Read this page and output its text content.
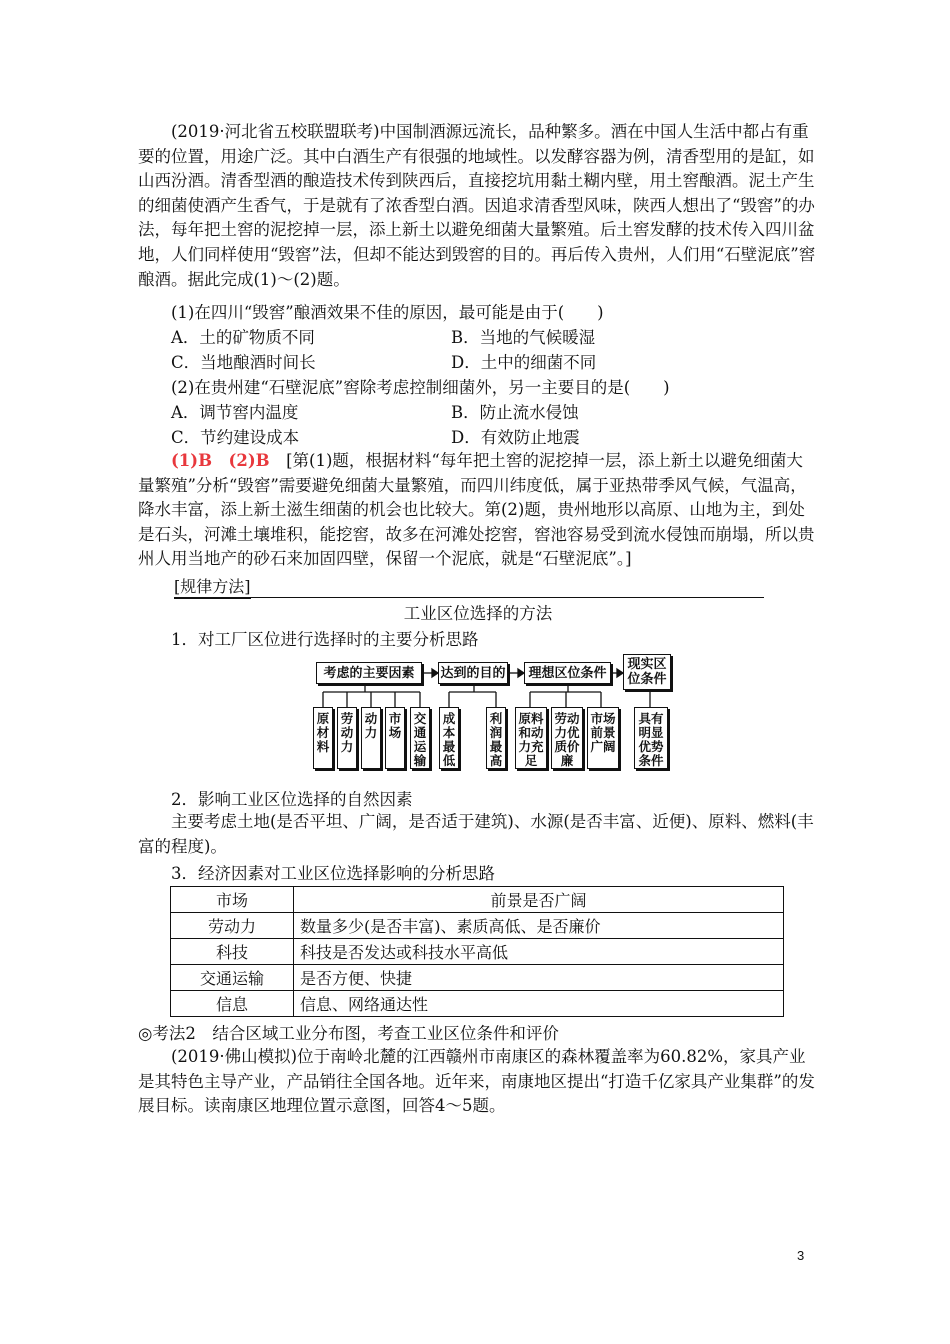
(2019·河北省五校联盟联考)中国制酒源远流长，品种繁多。酒在中国人生活中都占有重要的位置，用途广泛。其中白酒生产有很强的地域性。以发酵容器为例，清香型用的是缸，如山西汾酒。清香型酒的酿造技术传到陕西后，直接挖坑用黏土糊内壁，用土窖酿酒。泥土产生的细菌使酒产生香气，于是就有了浓香型白酒。因追求清香型风味，陕西人想出了“毁窖”的办法，每年把土窖的泥挖掉一层，添上新土以避免细菌大量繁殖。后土窖发酵的技术传入四川盆地，人们同样使用“毁窖”法，但却不能达到毁窖的目的。再后传入贵州，人们用“石壁泥底”窖酿酒。据此完成(1)～(2)题。

(1)在四川“毁窖”酿酒效果不佳的原因，最可能是由于(　　)
A．土的矿物质不同	B．当地的气候暖湿
C．当地酿酒时间长	D．土中的细菌不同
(2)在贵州建“石壁泥底”窖除考虑控制细菌外，另一主要目的是(　　)
A．调节窖内温度	B．防止流水侵蚀
C．节约建设成本	D．有效防止地震

(1)B　 (2)B　 [第(1)题，根据材料“每年把土窖的泥挖掉一层，添上新土以避免细菌大量繁殖”分析“毁窖”需要避免细菌大量繁殖，而四川纬度低，属于亚热带季风气候，气温高，降水丰富，添上新土滋生细菌的机会也比较大。第(2)题，贵州地形以高原、山地为主，到处是石头，河滩土壤堆积，能挖窖，故多在河滩处挖窖，窖池容易受到流水侵蚀而崩塌，所以贵州人用当地产的砂石来加固四壁，保留一个泥底，就是“石壁泥底”。]

[规律方法]
工业区位选择的方法
1．对工厂区位进行选择时的主要分析思路
考虑的主要因素	达到的目的	理想区位条件
现实区位条件
原材料
劳动力
动力
市场
交通运输
成本最低
利润最高
原料和动力充足
劳动力优质价廉
市场前景广阔
具有明显优势条件
2．影响工业区位选择的自然因素

主要考虑土地(是否平坦、广阔，是否适于建筑)、水源(是否丰富、近便)、原料、燃料(丰富的程度)。

3．经济因素对工业区位选择影响的分析思路
市场	前景是否广阔
劳动力	数量多少(是否丰富)、素质高低、是否廉价
科技	科技是否发达或科技水平高低
交通运输	是否方便、快捷
信息	信息、网络通达性
◎考法2　结合区域工业分布图，考查工业区位条件和评价

(2019·佛山模拟)位于南岭北麓的江西赣州市南康区的森林覆盖率为60.82%，家具产业是其特色主导产业，产品销往全国各地。近年来，南康地区提出“打造千亿家具产业集群”的发展目标。读南康区地理位置示意图，回答4～5题。

3
